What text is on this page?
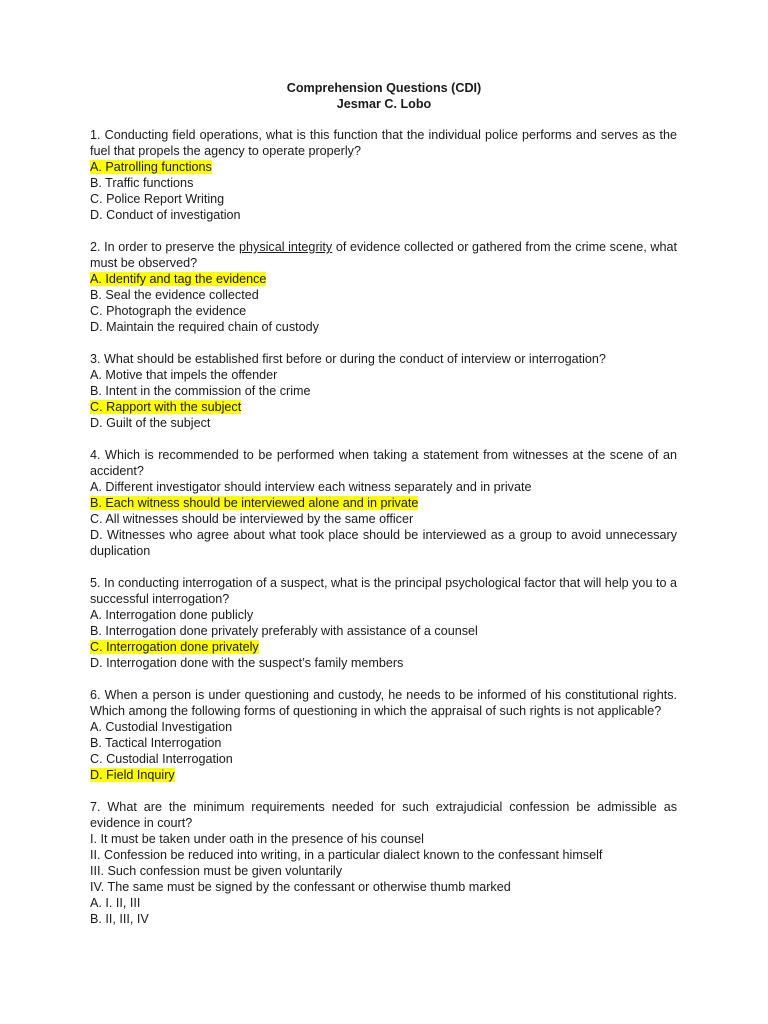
Comprehension Questions (CDI)
Jesmar C. Lobo
1. Conducting field operations, what is this function that the individual police performs and serves as the fuel that propels the agency to operate properly?
A. Patrolling functions
B. Traffic functions
C. Police Report Writing
D. Conduct of investigation
2. In order to preserve the physical integrity of evidence collected or gathered from the crime scene, what must be observed?
A. Identify and tag the evidence
B. Seal the evidence collected
C. Photograph the evidence
D. Maintain the required chain of custody
3. What should be established first before or during the conduct of interview or interrogation?
A. Motive that impels the offender
B. Intent in the commission of the crime
C. Rapport with the subject
D. Guilt of the subject
4. Which is recommended to be performed when taking a statement from witnesses at the scene of an accident?
A. Different investigator should interview each witness separately and in private
B. Each witness should be interviewed alone and in private
C. All witnesses should be interviewed by the same officer
D. Witnesses who agree about what took place should be interviewed as a group to avoid unnecessary duplication
5. In conducting interrogation of a suspect, what is the principal psychological factor that will help you to a successful interrogation?
A. Interrogation done publicly
B. Interrogation done privately preferably with assistance of a counsel
C. Interrogation done privately
D. Interrogation done with the suspect’s family members
6. When a person is under questioning and custody, he needs to be informed of his constitutional rights. Which among the following forms of questioning in which the appraisal of such rights is not applicable?
A. Custodial Investigation
B. Tactical Interrogation
C. Custodial Interrogation
D. Field Inquiry
7. What are the minimum requirements needed for such extrajudicial confession be admissible as evidence in court?
I. It must be taken under oath in the presence of his counsel
II. Confession be reduced into writing, in a particular dialect known to the confessant himself
III. Such confession must be given voluntarily
IV. The same must be signed by the confessant or otherwise thumb marked
A. I. II, III
B. II, III, IV
